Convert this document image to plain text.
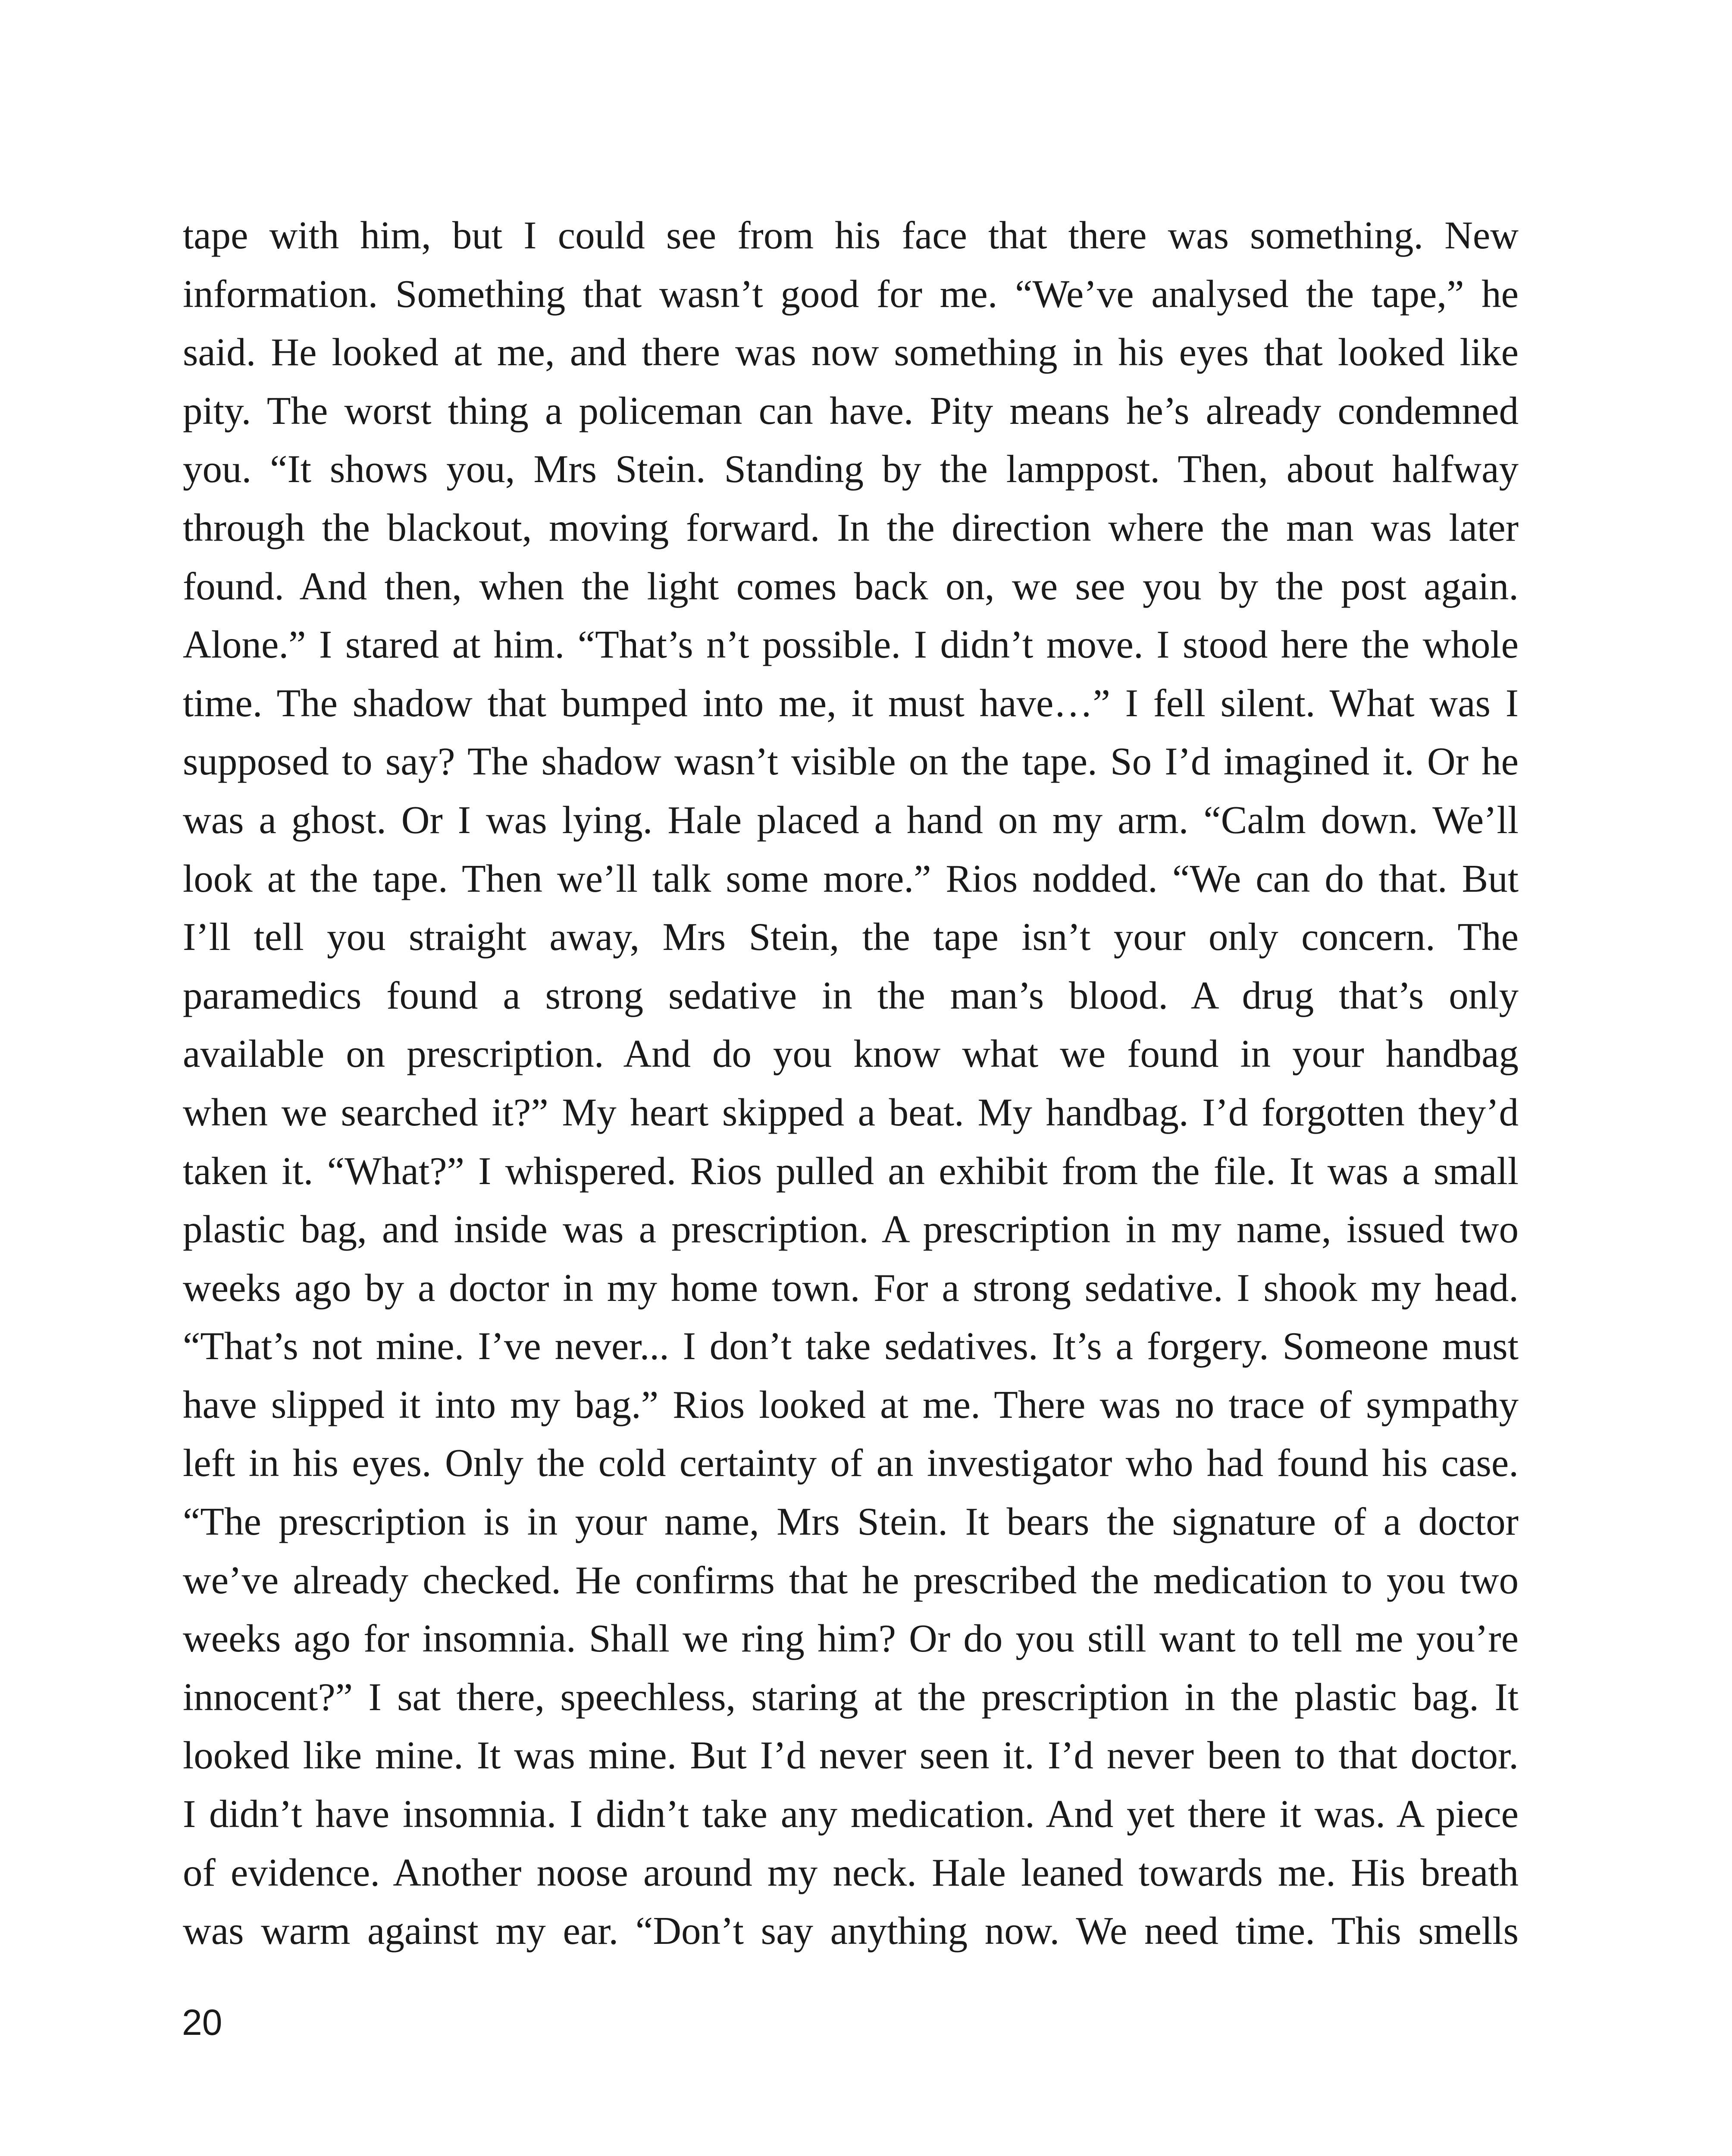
tape with him, but I could see from his face that there was something. New
information. Something that wasn’t good for me. “We’ve analysed the tape,” he
said. He looked at me, and there was now something in his eyes that looked like
pity. The worst thing a policeman can have. Pity means he’s already condemned
you. “It shows you, Mrs Stein. Standing by the lamppost. Then, about halfway
through the blackout, moving forward. In the direction where the man was later
found. And then, when the light comes back on, we see you by the post again.
Alone.” I stared at him. “That’s n’t possible. I didn’t move. I stood here the whole
time. The shadow that bumped into me, it must have…” I fell silent. What was I
supposed to say? The shadow wasn’t visible on the tape. So I’d imagined it. Or he
was a ghost. Or I was lying. Hale placed a hand on my arm. “Calm down. We’ll
look at the tape. Then we’ll talk some more.” Rios nodded. “We can do that. But
I’ll tell you straight away, Mrs Stein, the tape isn’t your only concern. The
paramedics found a strong sedative in the man’s blood. A drug that’s only
available on prescription. And do you know what we found in your handbag
when we searched it?” My heart skipped a beat. My handbag. I’d forgotten they’d
taken it. “What?” I whispered. Rios pulled an exhibit from the file. It was a small
plastic bag, and inside was a prescription. A prescription in my name, issued two
weeks ago by a doctor in my home town. For a strong sedative. I shook my head.
“That’s not mine. I’ve never... I don’t take sedatives. It’s a forgery. Someone must
have slipped it into my bag.” Rios looked at me. There was no trace of sympathy
left in his eyes. Only the cold certainty of an investigator who had found his case.
“The prescription is in your name, Mrs Stein. It bears the signature of a doctor
we’ve already checked. He confirms that he prescribed the medication to you two
weeks ago for insomnia. Shall we ring him? Or do you still want to tell me you’re
innocent?” I sat there, speechless, staring at the prescription in the plastic bag. It
looked like mine. It was mine. But I’d never seen it. I’d never been to that doctor.
I didn’t have insomnia. I didn’t take any medication. And yet there it was. A piece
of evidence. Another noose around my neck. Hale leaned towards me. His breath
was warm against my ear. “Don’t say anything now. We need time. This smells
20
